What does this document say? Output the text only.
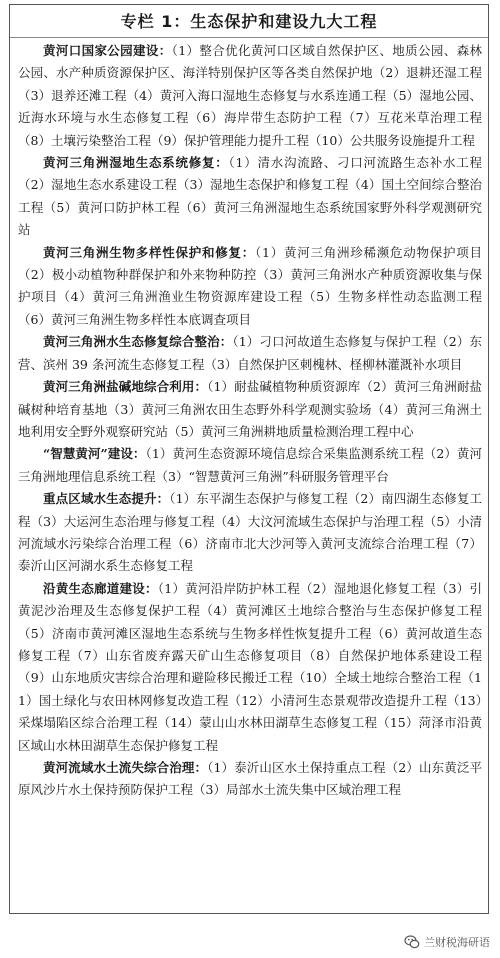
专栏 1：生态保护和建设九大工程

黄河口国家公园建设：（1）整合优化黄河口区域自然保护区、地质公园、森林公园、水产种质资源保护区、海洋特别保护区等各类自然保护地（2）退耕还湿工程（3）退养还滩工程（4）黄河入海口湿地生态修复与水系连通工程（5）湿地公园、近海水环境与水生态修复工程（6）海岸带生态防护工程（7）互花米草治理工程（8）土壤污染整治工程（9）保护管理能力提升工程（10）公共服务设施提升工程

黄河三角洲湿地生态系统修复：（1）清水沟流路、刁口河流路生态补水工程（2）湿地生态水系建设工程（3）湿地生态保护和修复工程（4）国土空间综合整治工程（5）黄河口防护林工程（6）黄河三角洲湿地生态系统国家野外科学观测研究站

黄河三角洲生物多样性保护和修复：（1）黄河三角洲珍稀濒危动物保护项目（2）极小动植物种群保护和外来物种防控（3）黄河三角洲水产种质资源收集与保护项目（4）黄河三角洲渔业生物资源库建设工程（5）生物多样性动态监测工程（6）黄河三角洲生物多样性本底调查项目

黄河三角洲水生态修复综合整治：（1）刁口河故道生态修复与保护工程（2）东营、滨州 39 条河流生态修复工程（3）自然保护区刺槐林、柽柳林灌溉补水项目

黄河三角洲盐碱地综合利用：（1）耐盐碱植物种质资源库（2）黄河三角洲耐盐碱树种培育基地（3）黄河三角洲农田生态野外科学观测实验场（4）黄河三角洲土地利用安全野外观察研究站（5）黄河三角洲耕地质量检测治理工程中心

“智慧黄河”建设：（1）黄河生态资源环境信息综合采集监测系统工程（2）黄河三角洲地理信息系统工程（3）“智慧黄河三角洲”科研服务管理平台

重点区域水生态提升：（1）东平湖生态保护与修复工程（2）南四湖生态修复工程（3）大运河生态治理与修复工程（4）大汶河流域生态保护与治理工程（5）小清河流域水污染综合治理工程（6）济南市北大沙河等入黄河支流综合治理工程（7）泰沂山区河湖水系生态修复工程

沿黄生态廊道建设：（1）黄河沿岸防护林工程（2）湿地退化修复工程（3）引黄泥沙治理及生态修复保护工程（4）黄河滩区土地综合整治与生态保护修复工程（5）济南市黄河滩区湿地生态系统与生物多样性恢复提升工程（6）黄河故道生态修复工程（7）山东省废弃露天矿山生态修复项目（8）自然保护地体系建设工程（9）山东地质灾害综合治理和避险移民搬迁工程（10）全域土地综合整治工程（11）国土绿化与农田林网修复改造工程（12）小清河生态景观带改造提升工程（13）采煤塌陷区综合治理工程（14）蒙山山水林田湖草生态修复工程（15）菏泽市沿黄区域山水林田湖草生态保护修复工程

黄河流域水土流失综合治理：（1）泰沂山区水土保持重点工程（2）山东黄泛平原风沙片水土保持预防保护工程（3）局部水土流失集中区域治理工程

兰财税海研语
